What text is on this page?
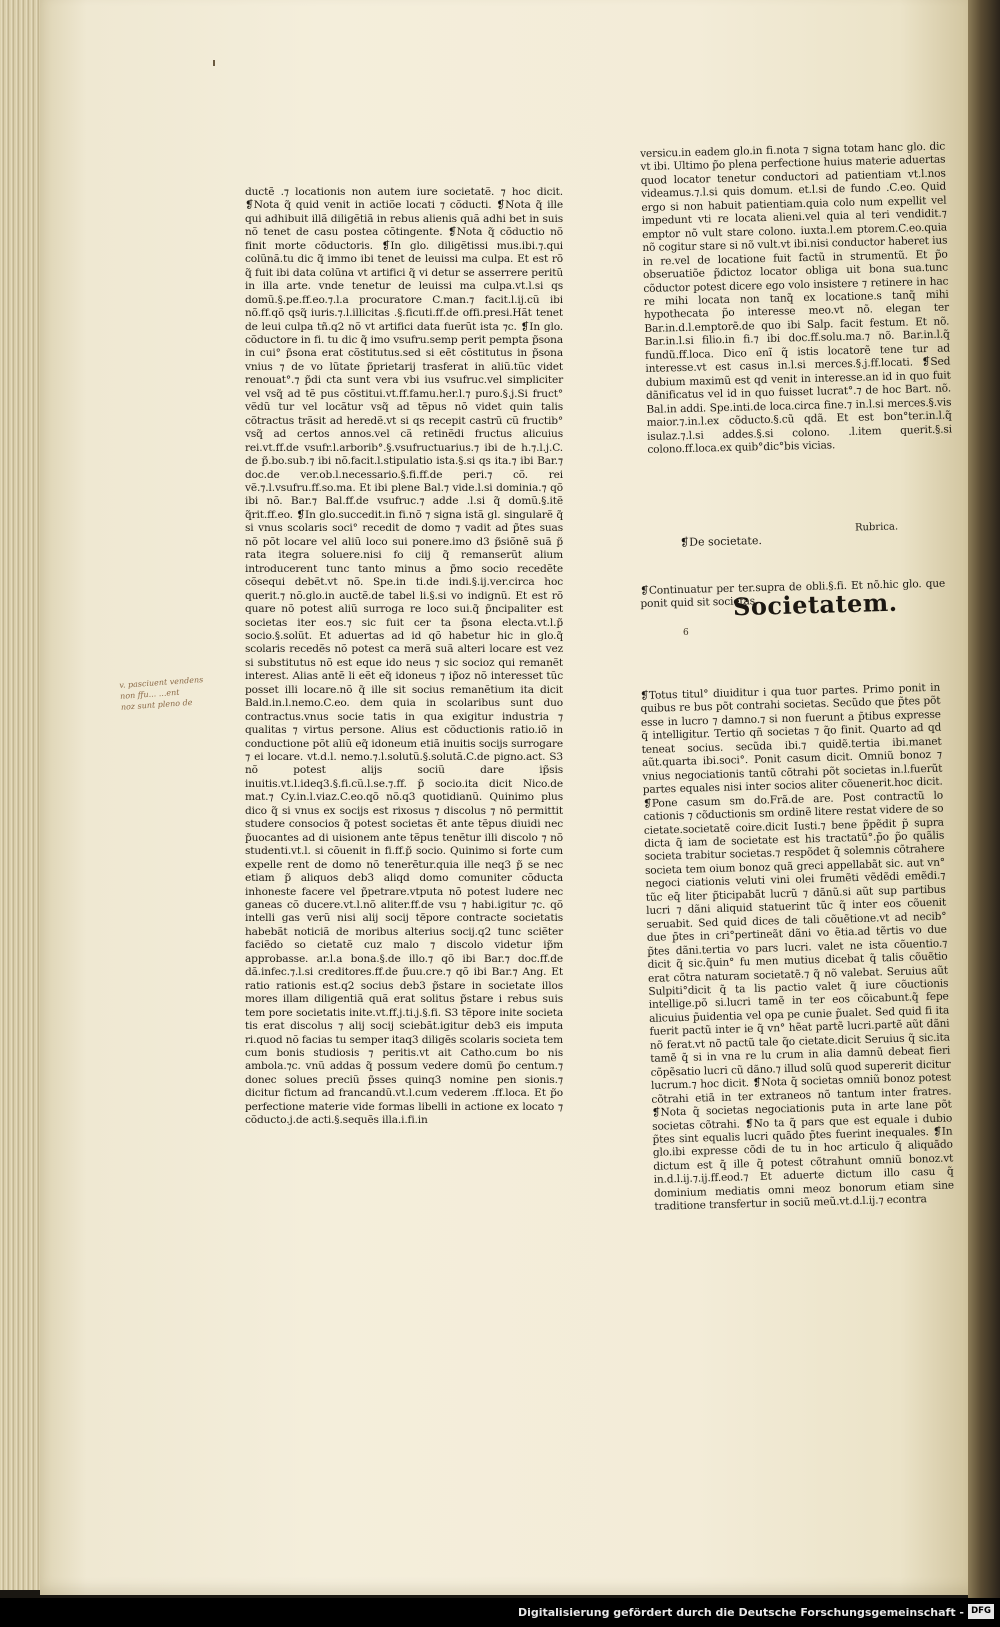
ductẽ .⁊ locationis non autem iure societatẽ. ⁊ hoc dicit. ❡Nota q̃ quid venit in actiõe locati ⁊ cõducti. ❡Nota q̃ ille qui adhibuit illã diligẽtiã in rebus alienis quã adhi bet in suis nõ tenet de casu postea cõtingente. ❡Nota q̃ cõductio nõ finit morte cõductoris. ❡In glo. diligẽtissi mus.ibi.⁊.qui colũnã.tu dic q̃ immo ibi tenet de leuissi ma culpa. Et est rõ q̃ fuit ibi data colũna vt artifici q̃ vi detur se asserrere peritũ in illa arte. vnde tenetur de leuissi ma culpa.vt.l.si qs domũ.§.pe.ff.eo.⁊.l.a procuratore C.man.⁊ facit.l.ij.cũ ibi nõ.ff.qõ qsq̃ iuris.⁊.l.illicitas .§.ficuti.ff.de offi.presi.Hãt tenet de leui culpa tñ.q2 nõ vt artifici data fuerũt ista ⁊c. ❡In glo. cõductore in fi. tu dic q̃ imo vsufru.semp perit pempta p̃sona in cui° p̃sona erat cõstitutus.sed si eẽt cõstitutus in p̃sona vnius ⁊ de vo lũtate p̃prietarij trasferat in aliũ.tũc videt renouat°.⁊ p̃di cta sunt vera vbi ius vsufruc.vel simpliciter vel vsq̃ ad tẽ pus cõstitui.vt.ff.famu.her.l.⁊ puro.§.j.Si fruct° vẽdũ tur vel locãtur vsq̃ ad tẽpus nõ videt quin talis cõtractus trãsit ad heredẽ.vt si qs recepit castrũ cũ fructib° vsq̃ ad certos annos.vel cã retinẽdi fructus alicuius rei.vt.ff.de vsufr.l.arborib°.§.vsufructuarius.⁊ ibi de h.⁊.l.j.C. de p̃.bo.sub.⁊ ibi nõ.facit.l.stipulatio ista.§.si qs ita.⁊ ibi Bar.⁊ doc.de ver.ob.l.necessario.§.fi.ff.de peri.⁊ cõ. rei vẽ.⁊.l.vsufru.ff.so.ma. Et ibi plene Bal.⁊ vide.l.si dominia.⁊ qõ ibi nõ. Bar.⁊ Bal.ff.de vsufruc.⁊ adde .l.si q̃ domũ.§.itẽ q̃rit.ff.eo. ❡In glo.succedit.in fi.nõ ⁊ signa istã gl. singularẽ q̃ si vnus scolaris soci° recedit de domo ⁊ vadit ad p̃tes suas nõ põt locare vel aliũ loco sui ponere.imo d3 p̃siõnẽ suã p̃ rata itegra soluere.nisi fo ciij q̃ remanserũt alium introducerent tunc tanto minus a p̃mo socio recedẽte cõsequi debẽt.vt nõ. Spe.in ti.de indi.§.ij.ver.circa hoc querit.⁊ nõ.glo.in auctẽ.de tabel li.§.si vo indignũ. Et est rõ quare nõ potest aliũ surroga re loco sui.q̃ p̃ncipaliter est societas iter eos.⁊ sic fuit cer ta p̃sona electa.vt.l.p̃ socio.§.solũt. Et aduertas ad id qõ habetur hic in glo.q̃ scolaris recedẽs nõ potest ca merã suã alteri locare est vez si substitutus nõ est eque ido neus ⁊ sic socioz qui remanẽt interest. Alias antẽ li eẽt eq̃ idoneus ⁊ ip̃oz nõ interesset tũc posset illi locare.nõ q̃ ille sit socius remanẽtium ita dicit Bald.in.l.nemo.C.eo. dem quia in scolaribus sunt duo contractus.vnus socie tatis in qua exigitur industria ⁊ qualitas ⁊ virtus persone. Alius est cõductionis ratio.iõ in conductione põt aliũ eq̃ idoneum etiã inuitis socijs surrogare ⁊ ei locare. vt.d.l. nemo.⁊.l.solutũ.§.solutã.C.de pigno.act. S3 nõ potest alijs sociũ dare ip̃sis inuitis.vt.l.ideq3.§.fi.cũ.l.se.⁊.ff. p̃ socio.ita dicit Nico.de mat.⁊ Cy.in.l.viaz.C.eo.qõ nõ.q3 quotidianũ. Quinimo plus dico q̃ si vnus ex socijs est rixosus ⁊ discolus ⁊ nõ permittit studere consocios q̃ potest societas ẽt ante tẽpus diuidi nec p̃uocantes ad di uisionem ante tẽpus tenẽtur illi discolo ⁊ nõ studenti.vt.l. si cõuenit in fi.ff.p̃ socio. Quinimo si forte cum expelle rent de domo nõ tenerẽtur.quia ille neq3 p̃ se nec etiam p̃ aliquos deb3 aliqd domo comuniter cõducta inhoneste facere vel p̃petrare.vtputa nõ potest ludere nec ganeas cõ ducere.vt.l.nõ aliter.ff.de vsu ⁊ habi.igitur ⁊c. qõ intelli gas verũ nisi alij socij tẽpore contracte societatis habebãt noticiã de moribus alterius socij.q2 tunc sciẽter faciẽdo so cietatẽ cuz malo ⁊ discolo videtur ip̃m approbasse. ar.l.a bona.§.de illo.⁊ qõ ibi Bar.⁊ doc.ff.de dã.infec.⁊.l.si creditores.ff.de p̃uu.cre.⁊ qõ ibi Bar.⁊ Ang. Et ratio rationis est.q2 socius deb3 p̃stare in societate illos mores illam diligentiã quã erat solitus p̃stare i rebus suis tem pore societatis inite.vt.ff.j.ti.j.§.fi. S3 tẽpore inite societa tis erat discolus ⁊ alij socij sciebãt.igitur deb3 eis imputa ri.quod nõ facias tu semper itaq3 diligẽs scolaris societa tem cum bonis studiosis ⁊ peritis.vt ait Catho.cum bo nis ambola.⁊c. vnũ addas q̃ possum vedere domũ p̃o centum.⁊ donec solues preciũ p̃sses quinq3 nomine pen sionis.⁊ dicitur fictum ad francandũ.vt.l.cum vederem .ff.loca. Et p̃o perfectione materie vide formas libelli in actione ex locato ⁊ cõducto.j.de acti.§.sequẽs illa.i.fi.in
versicu.in eadem glo.in fi.nota ⁊ signa totam hanc glo. dic vt ibi. Ultimo p̃o plena perfectione huius materie aduertas quod locator tenetur conductori ad patientiam vt.l.nos videamus.⁊.l.si quis domum. et.l.si de fundo .C.eo. Quid ergo si non habuit patientiam.quia colo num expellit vel impedunt vti re locata alieni.vel quia al teri vendidit.⁊ emptor nõ vult stare colono. iuxta.l.em ptorem.C.eo.quia nõ cogitur stare si nõ vult.vt ibi.nisi conductor haberet ius in re.vel de locatione fuit factũ in strumentũ. Et p̃o obseruatiõe p̃dictoz locator obliga uit bona sua.tunc cõductor potest dicere ego volo insistere ⁊ retinere in hac re mihi locata non tanq̃ ex locatione.s tanq̃ mihi hypothecata p̃o interesse meo.vt nõ. elegan ter Bar.in.d.l.emptorẽ.de quo ibi Salp. facit festum. Et nõ. Bar.in.l.si filio.in fi.⁊ ibi doc.ff.solu.ma.⁊ nõ. Bar.in.l.q̃ fundũ.ff.loca. Dico enĩ q̃ istis locatorẽ tene tur ad interesse.vt est casus in.l.si merces.§.j.ff.locati. ❡Sed dubium maximũ est qd venit in interesse.an id in quo fuit dãnificatus vel id in quo fuisset lucrat°.⁊ de hoc Bart. nõ. Bal.in addi. Spe.inti.de loca.circa fine.⁊ in.l.si merces.§.vis maior.⁊.in.l.ex cõducto.§.cũ qdã. Et est bon°ter.in.l.q̃ isulaz.⁊.l.si addes.§.si colono. .l.item querit.§.si colono.ff.loca.ex quib°dic°bis vicias.
Rubrica.
❡De societate.
❡Continuatur per ter.supra de obli.§.fi. Et nõ.hic glo. que ponit quid sit societas.
Societatem.
6
❡Totus titul° diuiditur i qua tuor partes. Primo ponit in quibus re bus põt contrahi societas. Secũdo que p̃tes põt esse in lucro ⁊ damno.⁊ si non fuerunt a p̃tibus expresse q̃ intelligitur. Tertio qñ societas ⁊ q̃o finit. Quarto ad qd teneat socius. secũda ibi.⁊ quidẽ.tertia ibi.manet aũt.quarta ibi.soci°. Ponit casum dicit. Omniũ bonoz ⁊ vnius negociationis tantũ cõtrahi põt societas in.l.fuerũt partes equales nisi inter socios aliter cõuenerit.hoc dicit. ❡Pone casum sm do.Frã.de are. Post contractũ lo cationis ⁊ cõductionis sm ordinẽ litere restat videre de so cietate.societatẽ coire.dicit Iusti.⁊ bene p̃pẽdit p̃ supra dicta q̃ iam de societate est his tractatũ°.p̃o p̃o quãlis societa trabitur societas.⁊ respõdet q̃ solemnis cõtrahere societa tem oium bonoz quã greci appellabãt sic. aut vn° negoci ciationis veluti vini olei frumẽti vẽdẽdi emẽdi.⁊ tũc eq̃ liter p̃ticipabãt lucrũ ⁊ dãnũ.si aũt sup partibus lucri ⁊ dãni aliquid statuerint tũc q̃ inter eos cõuenit seruabit. Sed quid dices de tali cõuẽtione.vt ad necib° due p̃tes in cri°pertineãt dãni vo ẽtia.ad tẽrtis vo due p̃tes dãni.tertia vo pars lucri. valet ne ista cõuentio.⁊ dicit q̃ sic.q̃uin° fu men mutius dicebat q̃ talis cõuẽtio erat cõtra naturam societatẽ.⁊ q̃ nõ valebat. Seruius aũt Sulpiti°dicit q̃ ta lis pactio valet q̃ iure cõuctionis intellige.põ si.lucri tamẽ in ter eos cõicabunt.q̃ fepe alicuius p̃uidentia vel opa pe cunie p̃ualet. Sed quid fi ita fuerit pactũ inter ie q̃ vn° hẽat partẽ lucri.partẽ aũt dãni nõ ferat.vt nõ pactũ tale q̃o cietate.dicit Seruius q̃ sic.ita tamẽ q̃ si in vna re lu crum in alia damnũ debeat fieri cõpẽsatio lucri cũ dãno.⁊ illud solũ quod supererit dicitur lucrum.⁊ hoc dicit. ❡Nota q̃ societas omniũ bonoz potest cõtrahi etiã in ter extraneos nõ tantum inter fratres. ❡Nota q̃ societas negociationis puta in arte lane põt societas cõtrahi. ❡No ta q̃ pars que est equale i dubio p̃tes sint equalis lucri quãdo p̃tes fuerint inequales. ❡In glo.ibi expresse cõdi de tu in hoc articulo q̃ aliquãdo dictum est q̃ ille q̃ potest cõtrahunt omniũ bonoz.vt in.d.l.ij.⁊.ij.ff.eod.⁊ Et aduerte dictum illo casu q̃ dominium mediatis omni meoz bonorum etiam sine traditione transfertur in sociũ meũ.vt.d.l.ij.⁊ econtra
v. pasciuent vendens
non ffu... ...ent
noz sunt pleno de
Digitalisierung gefördert durch die Deutsche Forschungsgemeinschaft - DFG
